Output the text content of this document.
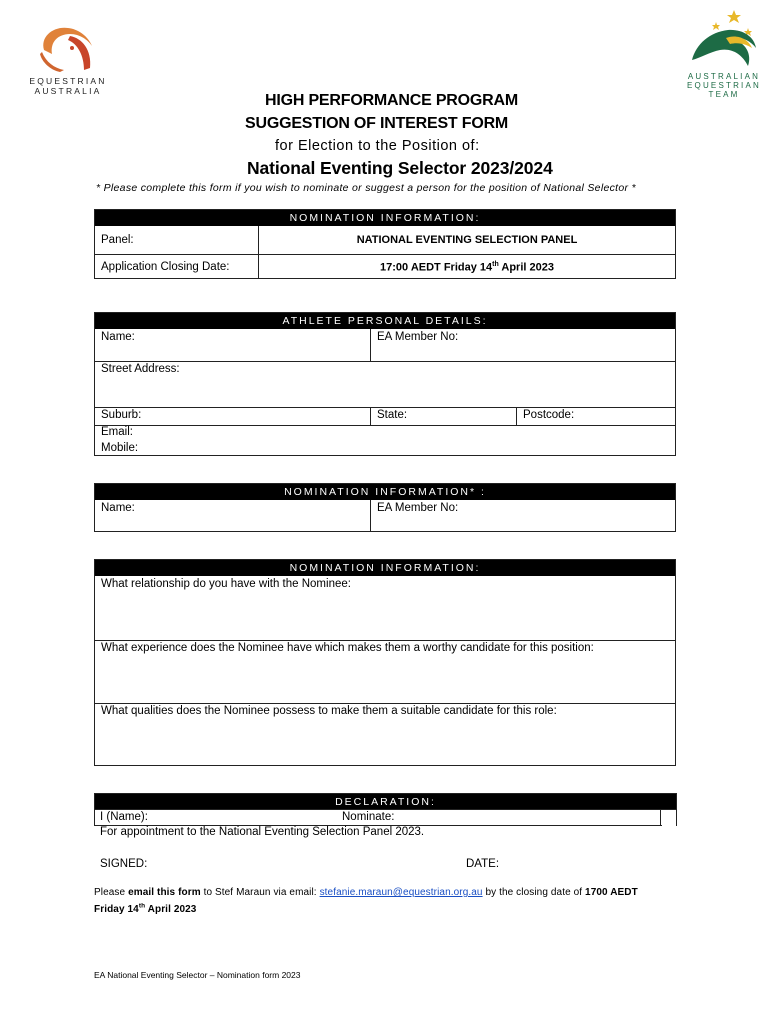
EQUESTRIAN
AUSTRALIA
AUSTRALIAN
EQUESTRIAN
TEAM
HIGH PERFORMANCE PROGRAM
SUGGESTION OF INTEREST FORM
for Election to the Position of:
National Eventing Selector 2023/2024
* Please complete this form if you wish to nominate or suggest a person for the position of National Selector *
NOMINATION INFORMATION:
Panel:	NATIONAL EVENTING SELECTION PANEL
Application Closing Date:	17:00 AEDT Friday 14th April 2023
ATHLETE PERSONAL DETAILS:
Name:	EA Member No:
Street Address:
Suburb:	State:	Postcode:
Email:
Mobile:
NOMINATION INFORMATION* :
Name:	EA Member No:
NOMINATION INFORMATION:
What relationship do you have with the Nominee:
What experience does the Nominee have which makes them a worthy candidate for this position:
What qualities does the Nominee possess to make them a suitable candidate for this role:
DECLARATION:
I (Name):	Nominate:
For appointment to the National Eventing Selection Panel 2023.
SIGNED:	DATE:
Please email this form to Stef Maraun via email: stefanie.maraun@equestrian.org.au by the closing date of 1700 AEDT
Friday 14th April 2023
EA National Eventing Selector – Nomination form 2023
